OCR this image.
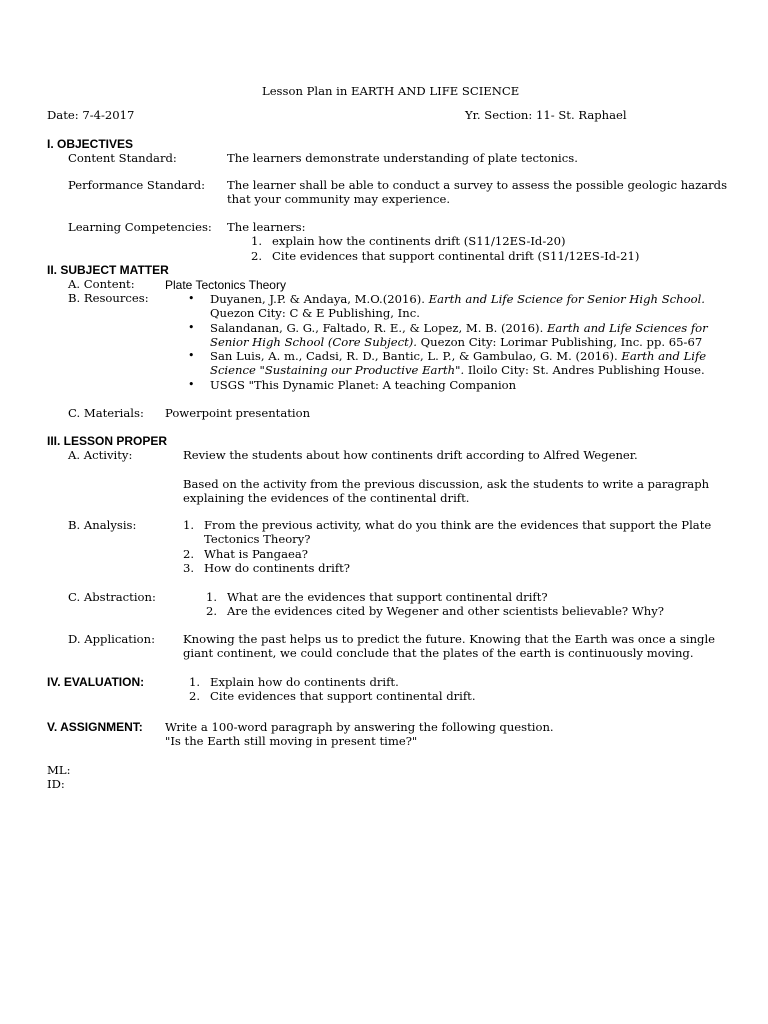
Lesson Plan in EARTH AND LIFE SCIENCE
Date: 7-4-2017	Yr. Section: 11- St. Raphael
I. OBJECTIVES
Content Standard:	The learners demonstrate understanding of plate tectonics.
Performance Standard: The learner shall be able to conduct a survey to assess the possible geologic hazards
that your community may experience.
Learning Competencies: The learners:
1. explain how the continents drift (S11/12ES-Id-20)
2. Cite evidences that support continental drift (S11/12ES-Id-21)
II. SUBJECT MATTER
A. Content:	Plate Tectonics Theory
B. Resources:	• Duyanen, J.P. & Andaya, M.O.(2016). Earth and Life Science for Senior High School.
Quezon City: C & E Publishing, Inc.
• Salandanan, G. G., Faltado, R. E., & Lopez, M. B. (2016). Earth and Life Sciences for
Senior High School (Core Subject). Quezon City: Lorimar Publishing, Inc. pp. 65-67
• San Luis, A. m., Cadsi, R. D., Bantic, L. P., & Gambulao, G. M. (2016). Earth and Life
Science "Sustaining our Productive Earth". Iloilo City: St. Andres Publishing House.
• USGS "This Dynamic Planet: A teaching Companion
C. Materials: Powerpoint presentation
III. LESSON PROPER
A. Activity:	Review the students about how continents drift according to Alfred Wegener.
Based on the activity from the previous discussion, ask the students to write a paragraph
explaining the evidences of the continental drift.
B. Analysis:	1. From the previous activity, what do you think are the evidences that support the Plate
Tectonics Theory?
2. What is Pangaea?
3. How do continents drift?
C. Abstraction:	1. What are the evidences that support continental drift?
2. Are the evidences cited by Wegener and other scientists believable? Why?
D. Application: Knowing the past helps us to predict the future. Knowing that the Earth was once a single
giant continent, we could conclude that the plates of the earth is continuously moving.
IV. EVALUATION:	1. Explain how do continents drift.
2. Cite evidences that support continental drift.
V. ASSIGNMENT: Write a 100-word paragraph by answering the following question.
"Is the Earth still moving in present time?"
ML:
ID:
